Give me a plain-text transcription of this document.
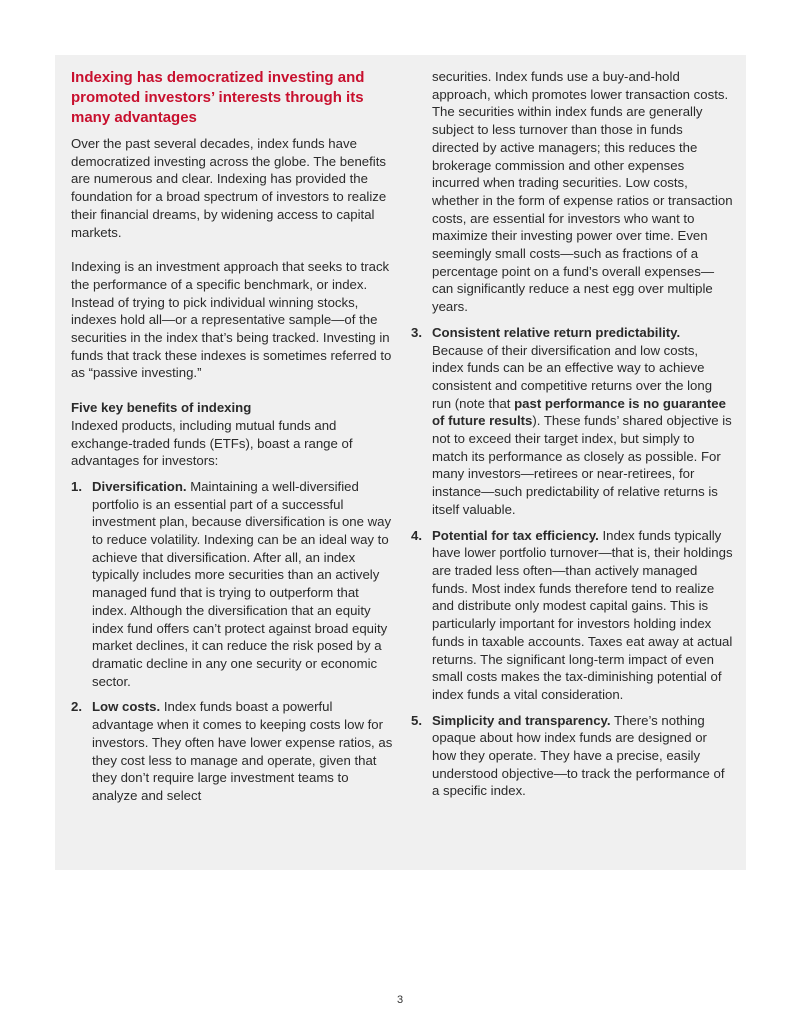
Indexing has democratized investing and promoted investors’ interests through its many advantages

Over the past several decades, index funds have democratized investing across the globe. The benefits are numerous and clear. Indexing has provided the foundation for a broad spectrum of investors to realize their financial dreams, by widening access to capital markets.

Indexing is an investment approach that seeks to track the performance of a specific benchmark, or index. Instead of trying to pick individual winning stocks, indexes hold all—or a representative sample—of the securities in the index that’s being tracked. Investing in funds that track these indexes is sometimes referred to as “passive investing.”

Five key benefits of indexing

Indexed products, including mutual funds and exchange-traded funds (ETFs), boast a range of advantages for investors:

1. Diversification. Maintaining a well-diversified portfolio is an essential part of a successful investment plan, because diversification is one way to reduce volatility. Indexing can be an ideal way to achieve that diversification. After all, an index typically includes more securities than an actively managed fund that is trying to outperform that index. Although the diversification that an equity index fund offers can’t protect against broad equity market declines, it can reduce the risk posed by a dramatic decline in any one security or economic sector.
2. Low costs. Index funds boast a powerful advantage when it comes to keeping costs low for investors. They often have lower expense ratios, as they cost less to manage and operate, given that they don’t require large investment teams to analyze and select

securities. Index funds use a buy-and-hold approach, which promotes lower transaction costs. The securities within index funds are generally subject to less turnover than those in funds directed by active managers; this reduces the brokerage commission and other expenses incurred when trading securities. Low costs, whether in the form of expense ratios or transaction costs, are essential for investors who want to maximize their investing power over time. Even seemingly small costs—such as fractions of a percentage point on a fund’s overall expenses—can significantly reduce a nest egg over multiple years.

3. Consistent relative return predictability. Because of their diversification and low costs, index funds can be an effective way to achieve consistent and competitive returns over the long run (note that past performance is no guarantee of future results). These funds’ shared objective is not to exceed their target index, but simply to match its performance as closely as possible. For many investors—retirees or near-retirees, for instance—such predictability of relative returns is itself valuable.
4. Potential for tax efficiency. Index funds typically have lower portfolio turnover—that is, their holdings are traded less often—than actively managed funds. Most index funds therefore tend to realize and distribute only modest capital gains. This is particularly important for investors holding index funds in taxable accounts. Taxes eat away at actual returns. The significant long-term impact of even small costs makes the tax-diminishing potential of index funds a vital consideration.
5. Simplicity and transparency. There’s nothing opaque about how index funds are designed or how they operate. They have a precise, easily understood objective—to track the performance of a specific index.
3
